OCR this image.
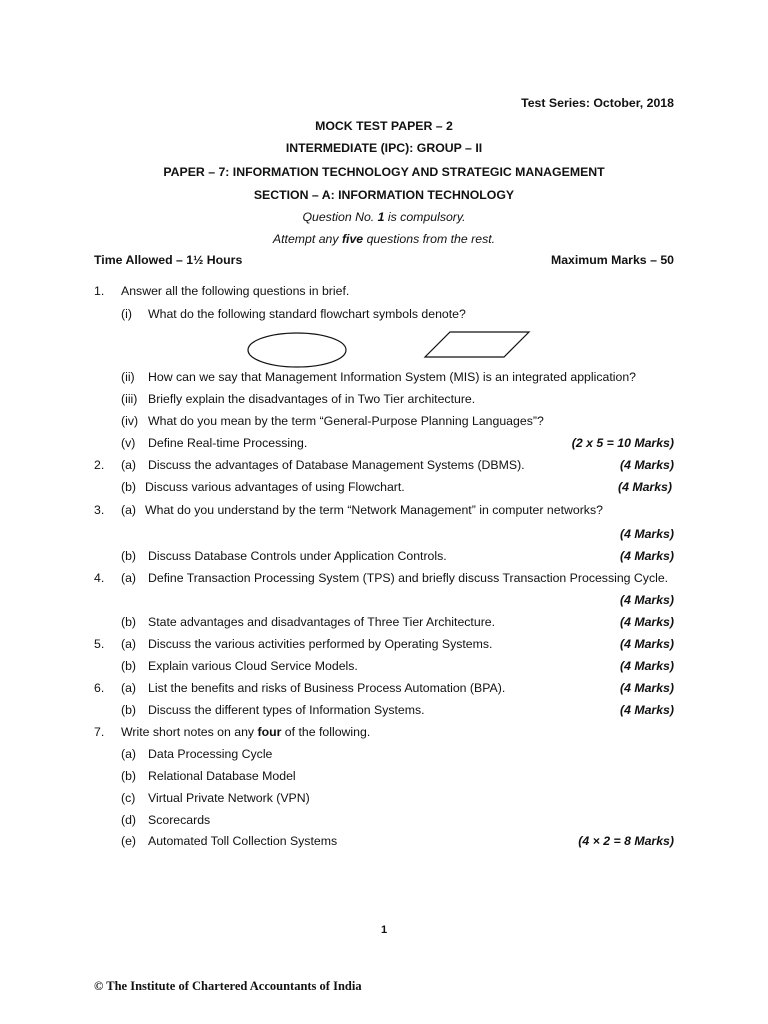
Test Series: October, 2018
MOCK TEST PAPER – 2
INTERMEDIATE (IPC): GROUP – II
PAPER – 7: INFORMATION TECHNOLOGY AND STRATEGIC MANAGEMENT
SECTION – A: INFORMATION TECHNOLOGY
Question No. 1 is compulsory.
Attempt any five questions from the rest.
Time Allowed – 1½ Hours	Maximum Marks – 50
1. Answer all the following questions in brief.
(i) What do the following standard flowchart symbols denote?
(ii) How can we say that Management Information System (MIS) is an integrated application?
(iii) Briefly explain the disadvantages of in Two Tier architecture.
(iv) What do you mean by the term “General-Purpose Planning Languages”?
(v) Define Real-time Processing.	(2 x 5 = 10 Marks)
2. (a) Discuss the advantages of Database Management Systems (DBMS).	(4 Marks)
(b) Discuss various advantages of using Flowchart.	(4 Marks)
3. (a) What do you understand by the term “Network Management” in computer networks?
(4 Marks)
(b) Discuss Database Controls under Application Controls.	(4 Marks)
4. (a) Define Transaction Processing System (TPS) and briefly discuss Transaction Processing Cycle.
(4 Marks)
(b) State advantages and disadvantages of Three Tier Architecture.	(4 Marks)
5. (a) Discuss the various activities performed by Operating Systems.	(4 Marks)
(b) Explain various Cloud Service Models.	(4 Marks)
6. (a) List the benefits and risks of Business Process Automation (BPA).	(4 Marks)
(b) Discuss the different types of Information Systems.	(4 Marks)
7. Write short notes on any four of the following.
(a) Data Processing Cycle
(b) Relational Database Model
(c) Virtual Private Network (VPN)
(d) Scorecards
(e) Automated Toll Collection Systems	(4 × 2 = 8 Marks)
1
© The Institute of Chartered Accountants of India
